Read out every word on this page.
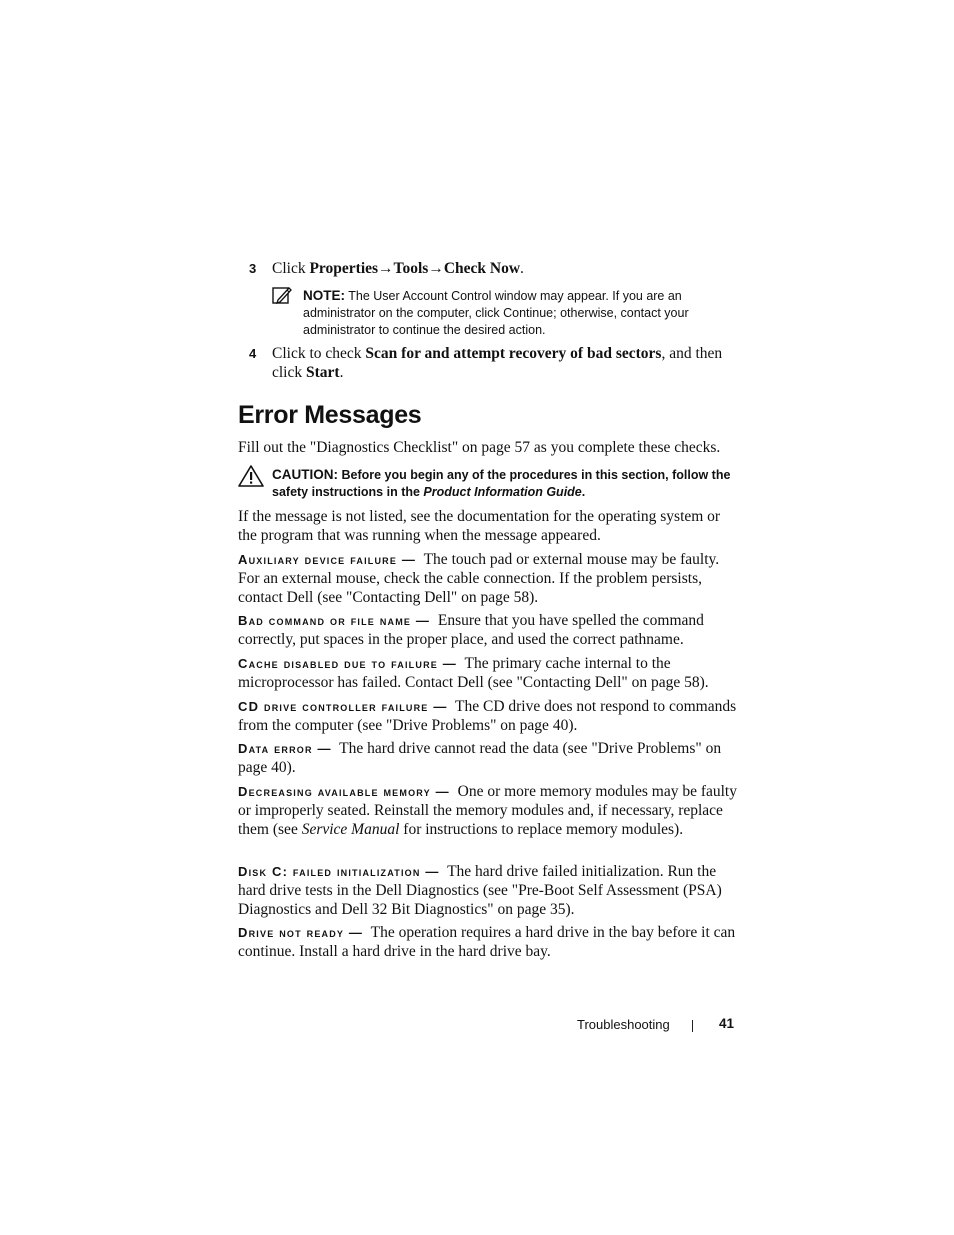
3 Click Properties→Tools→Check Now.
NOTE: The User Account Control window may appear. If you are an
administrator on the computer, click Continue; otherwise, contact your
administrator to continue the desired action.
4 Click to check Scan for and attempt recovery of bad sectors, and then
click Start.
Error Messages
Fill out the "Diagnostics Checklist" on page 57 as you complete these checks.
CAUTION: Before you begin any of the procedures in this section, follow the
safety instructions in the Product Information Guide.
If the message is not listed, see the documentation for the operating system or the program that was running when the message appeared.
Auxiliary device failure — The touch pad or external mouse may be faulty. For an external mouse, check the cable connection. If the problem persists, contact Dell (see "Contacting Dell" on page 58).
Bad command or file name — Ensure that you have spelled the command correctly, put spaces in the proper place, and used the correct pathname.
Cache disabled due to failure — The primary cache internal to the microprocessor has failed. Contact Dell (see "Contacting Dell" on page 58).
CD drive controller failure — The CD drive does not respond to commands from the computer (see "Drive Problems" on page 40).
Data error — The hard drive cannot read the data (see "Drive Problems" on page 40).
Decreasing available memory — One or more memory modules may be faulty or improperly seated. Reinstall the memory modules and, if necessary, replace them (see Service Manual for instructions to replace memory modules).
Disk C: failed initialization — The hard drive failed initialization. Run the hard drive tests in the Dell Diagnostics (see "Pre-Boot Self Assessment (PSA) Diagnostics and Dell 32 Bit Diagnostics" on page 35).
Drive not ready — The operation requires a hard drive in the bay before it can continue. Install a hard drive in the hard drive bay.
Troubleshooting	41
